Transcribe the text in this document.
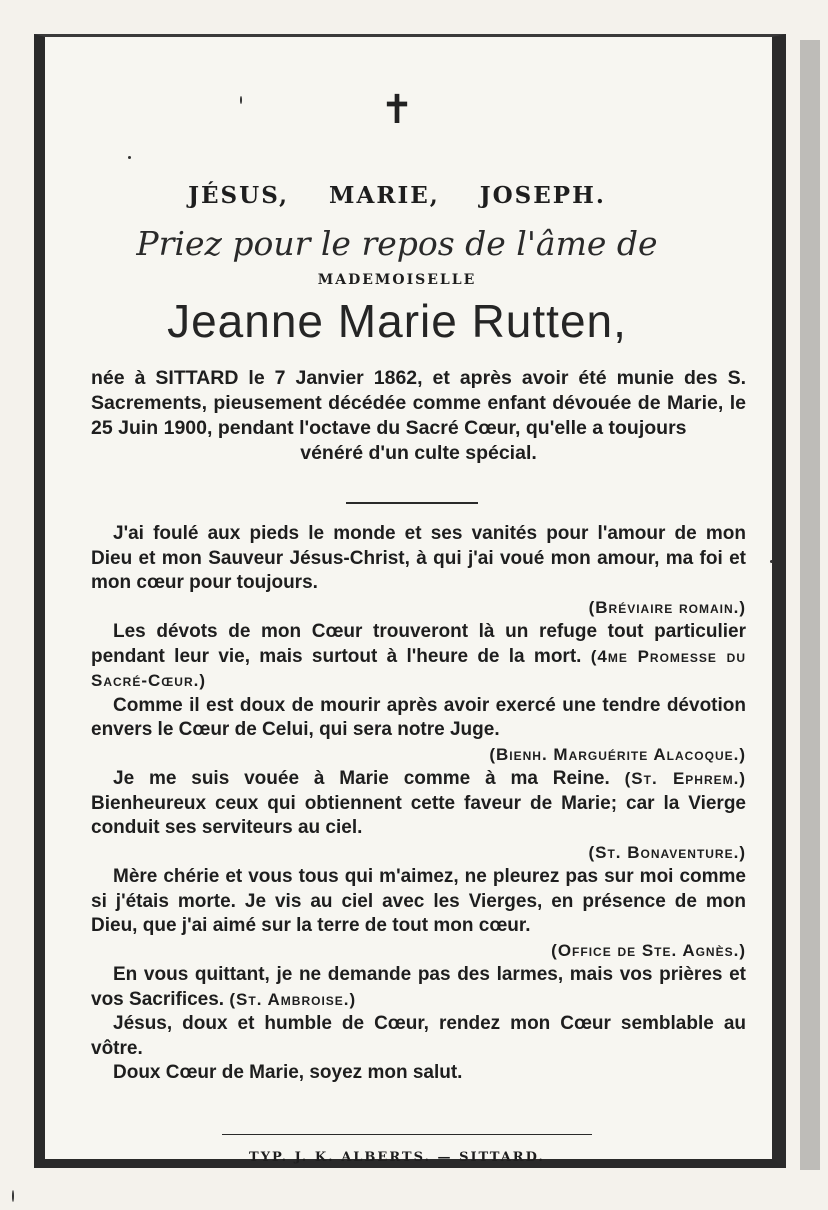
✝
JÉSUS, MARIE, JOSEPH.
Priez pour le repos de l'âme de
MADEMOISELLE
Jeanne Marie Rutten,
née à SITTARD le 7 Janvier 1862, et après avoir été munie des S. Sacrements, pieusement décédée comme enfant dévouée de Marie, le 25 Juin 1900, pendant l'octave du Sacré Cœur, qu'elle a toujours
vénéré d'un culte spécial.

J'ai foulé aux pieds le monde et ses vanités pour l'amour de mon Dieu et mon Sauveur Jésus-Christ, à qui j'ai voué mon amour, ma foi et mon cœur pour toujours.
(Bréviaire romain.)

Les dévots de mon Cœur trouveront là un refuge tout particulier pendant leur vie, mais surtout à l'heure de la mort. (4me Promesse du Sacré-Cœur.)

Comme il est doux de mourir après avoir exercé une tendre dévotion envers le Cœur de Celui, qui sera notre Juge.
(Bienh. Marguérite Alacoque.)

Je me suis vouée à Marie comme à ma Reine. (St. Ephrem.) Bienheureux ceux qui obtiennent cette faveur de Marie; car la Vierge conduit ses serviteurs au ciel.
(St. Bonaventure.)

Mère chérie et vous tous qui m'aimez, ne pleurez pas sur moi comme si j'étais morte. Je vis au ciel avec les Vierges, en présence de mon Dieu, que j'ai aimé sur la terre de tout mon cœur.
(Office de Ste. Agnès.)

En vous quittant, je ne demande pas des larmes, mais vos prières et vos Sacrifices. (St. Ambroise.)

Jésus, doux et humble de Cœur, rendez mon Cœur semblable au vôtre.

Doux Cœur de Marie, soyez mon salut.

TYP. J. K. ALBERTS. — SITTARD.
